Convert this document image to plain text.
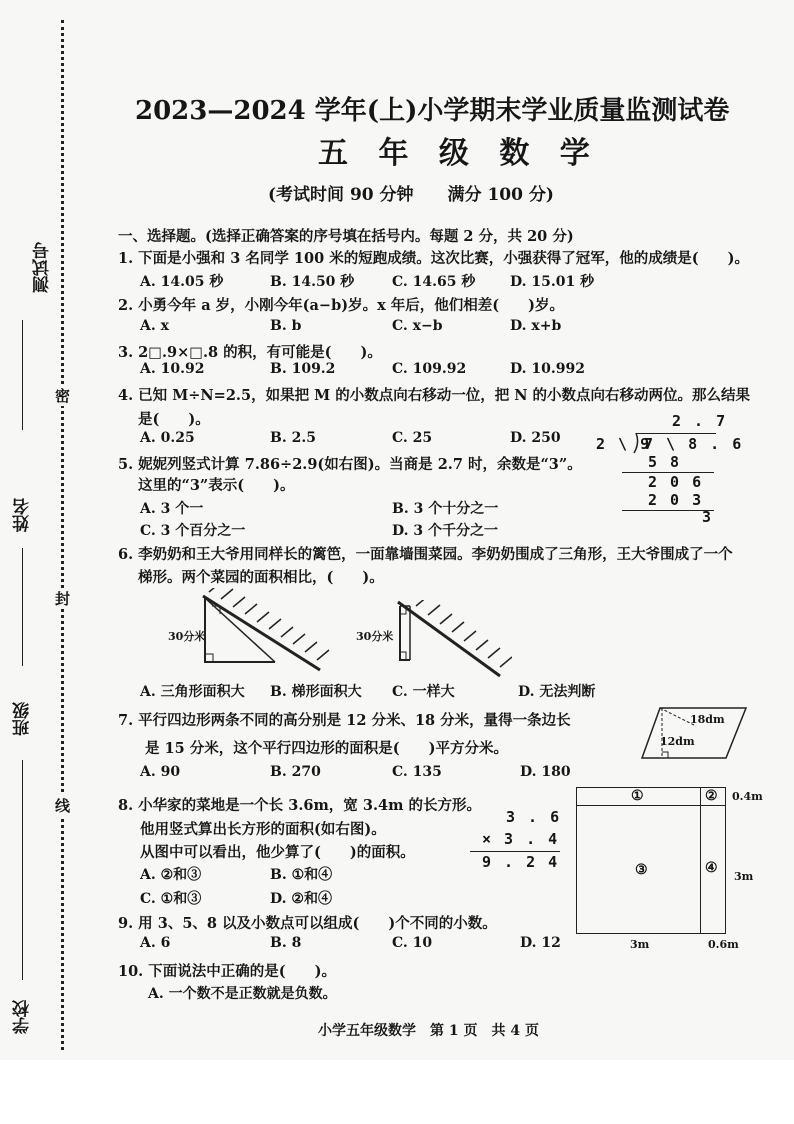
测试号
姓名
班级
学校
密
封
线
2023—2024 学年(上)小学期末学业质量监测试卷
五 年 级 数 学
(考试时间 90 分钟　　满分 100 分)
一、选择题。(选择正确答案的序号填在括号内。每题 2 分，共 20 分)
1. 下面是小强和 3 名同学 100 米的短跑成绩。这次比赛，小强获得了冠军，他的成绩是(　　)。
A. 14.05 秒	B. 14.50 秒	C. 14.65 秒 D. 15.01 秒
2. 小勇今年 a 岁，小刚今年(a−b)岁。x 年后，他们相差(　　)岁。
A. x	B. b	C. x−b	D. x+b
3. 2□.9×□.8 的积，有可能是(　　)。
A. 10.92	B. 109.2	C. 109.92	D. 10.992
4. 已知 M÷N=2.5，如果把 M 的小数点向右移动一位，把 N 的小数点向右移动两位。那么结果
是(　　)。
A. 0.25	B. 2.5	C. 25	D. 250
2 . 7
2 \ 9
7 \ 8 . 6
5 8
2 0 6
2 0 3
3
5. 妮妮列竖式计算 7.86÷2.9(如右图)。当商是 2.7 时，余数是“3”。
这里的“3”表示(　　)。
A. 3 个一	B. 3 个十分之一
C. 3 个百分之一	D. 3 个千分之一
6. 李奶奶和王大爷用同样长的篱笆，一面靠墙围菜园。李奶奶围成了三角形，王大爷围成了一个
梯形。两个菜园的面积相比，(　　)。
30分米	30分米
A. 三角形面积大 B. 梯形面积大 C. 一样大	D. 无法判断
7. 平行四边形两条不同的高分别是 12 分米、18 分米，量得一条边长
是 15 分米，这个平行四边形的面积是(　　)平方分米。
18dm
12dm
A. 90	B. 270	C. 135	D. 180
8. 小华家的菜地是一个长 3.6m，宽 3.4m 的长方形。
他用竖式算出长方形的面积(如右图)。
从图中可以看出，他少算了(　　)的面积。
A. ②和③	B. ①和④
C. ①和③	D. ②和④
3 . 6
× 3 . 4
9 . 2 4
①	②
③	④
0.4m
3m
3m	0.6m
9. 用 3、5、8 以及小数点可以组成(　　)个不同的小数。
A. 6	B. 8	C. 10	D. 12
10. 下面说法中正确的是(　　)。
A. 一个数不是正数就是负数。
小学五年级数学　第 1 页　共 4 页
